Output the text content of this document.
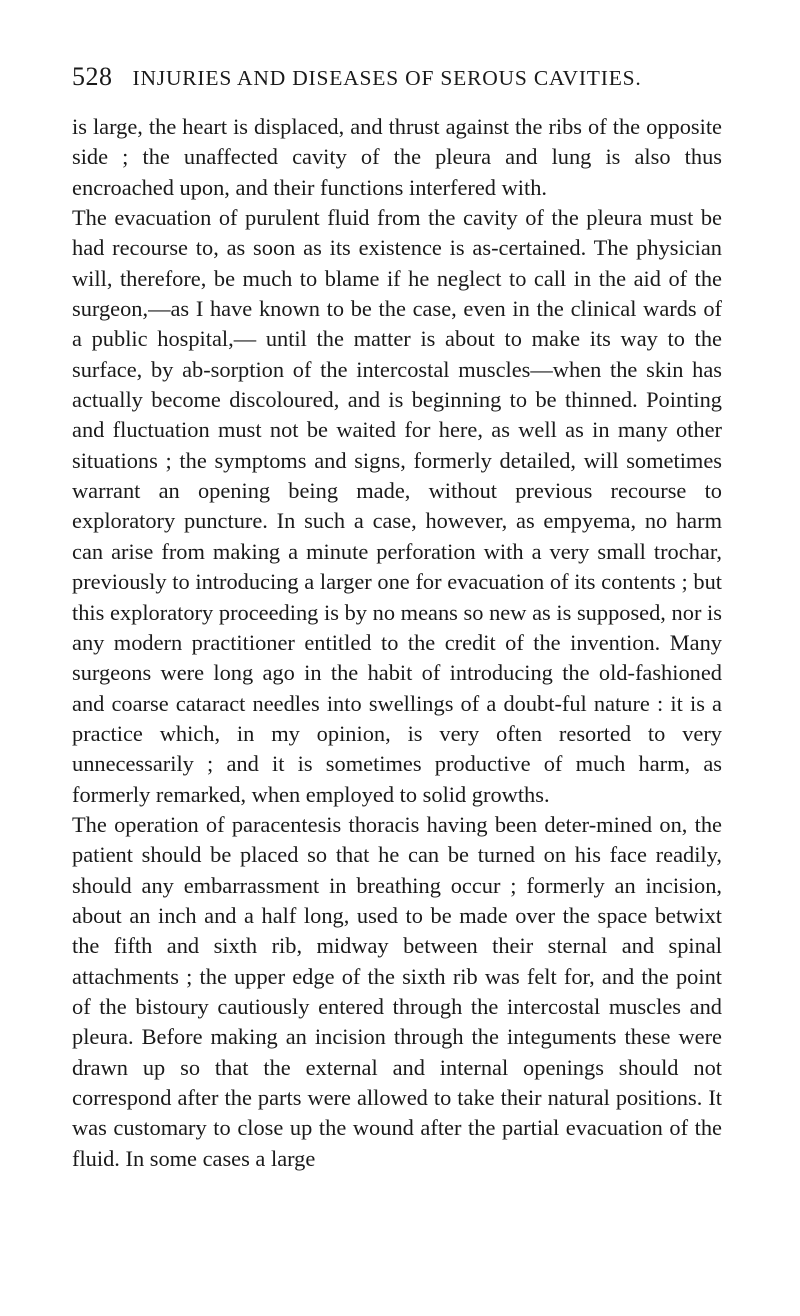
528 INJURIES AND DISEASES OF SEROUS CAVITIES.

is large, the heart is displaced, and thrust against the ribs of the opposite side ; the unaffected cavity of the pleura and lung is also thus encroached upon, and their functions interfered with.

The evacuation of purulent fluid from the cavity of the pleura must be had recourse to, as soon as its existence is as-certained. The physician will, therefore, be much to blame if he neglect to call in the aid of the surgeon,—as I have known to be the case, even in the clinical wards of a public hospital,— until the matter is about to make its way to the surface, by ab-sorption of the intercostal muscles—when the skin has actually become discoloured, and is beginning to be thinned. Pointing and fluctuation must not be waited for here, as well as in many other situations ; the symptoms and signs, formerly detailed, will sometimes warrant an opening being made, without previous recourse to exploratory puncture. In such a case, however, as empyema, no harm can arise from making a minute perforation with a very small trochar, previously to introducing a larger one for evacuation of its contents ; but this exploratory proceeding is by no means so new as is supposed, nor is any modern practitioner entitled to the credit of the invention. Many surgeons were long ago in the habit of introducing the old-fashioned and coarse cataract needles into swellings of a doubt-ful nature : it is a practice which, in my opinion, is very often resorted to very unnecessarily ; and it is sometimes productive of much harm, as formerly remarked, when employed to solid growths.

The operation of paracentesis thoracis having been deter-mined on, the patient should be placed so that he can be turned on his face readily, should any embarrassment in breathing occur ; formerly an incision, about an inch and a half long, used to be made over the space betwixt the fifth and sixth rib, midway between their sternal and spinal attachments ; the upper edge of the sixth rib was felt for, and the point of the bistoury cautiously entered through the intercostal muscles and pleura. Before making an incision through the integuments these were drawn up so that the external and internal openings should not correspond after the parts were allowed to take their natural positions. It was customary to close up the wound after the partial evacuation of the fluid. In some cases a large
